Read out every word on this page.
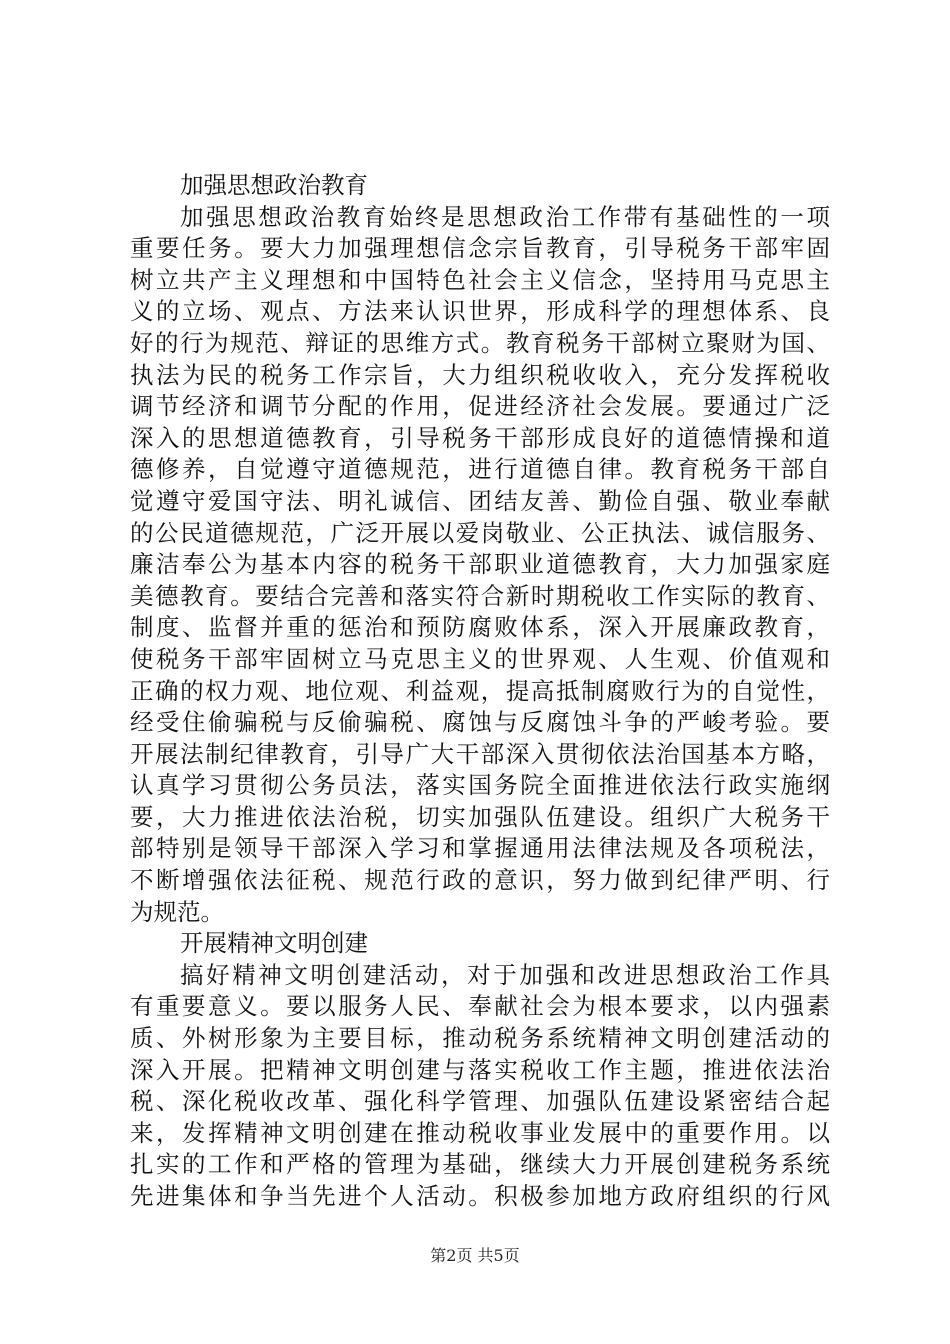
加强思想政治教育
加强思想政治教育始终是思想政治工作带有基础性的一项
重要任务。要大力加强理想信念宗旨教育，引导税务干部牢固
树立共产主义理想和中国特色社会主义信念，坚持用马克思主
义的立场、观点、方法来认识世界，形成科学的理想体系、良
好的行为规范、辩证的思维方式。教育税务干部树立聚财为国、
执法为民的税务工作宗旨，大力组织税收收入，充分发挥税收
调节经济和调节分配的作用，促进经济社会发展。要通过广泛
深入的思想道德教育，引导税务干部形成良好的道德情操和道
德修养，自觉遵守道德规范，进行道德自律。教育税务干部自
觉遵守爱国守法、明礼诚信、团结友善、勤俭自强、敬业奉献
的公民道德规范，广泛开展以爱岗敬业、公正执法、诚信服务、
廉洁奉公为基本内容的税务干部职业道德教育，大力加强家庭
美德教育。要结合完善和落实符合新时期税收工作实际的教育、
制度、监督并重的惩治和预防腐败体系，深入开展廉政教育，
使税务干部牢固树立马克思主义的世界观、人生观、价值观和
正确的权力观、地位观、利益观，提高抵制腐败行为的自觉性，
经受住偷骗税与反偷骗税、腐蚀与反腐蚀斗争的严峻考验。要
开展法制纪律教育，引导广大干部深入贯彻依法治国基本方略，
认真学习贯彻公务员法，落实国务院全面推进依法行政实施纲
要，大力推进依法治税，切实加强队伍建设。组织广大税务干
部特别是领导干部深入学习和掌握通用法律法规及各项税法，
不断增强依法征税、规范行政的意识，努力做到纪律严明、行
为规范。
开展精神文明创建
搞好精神文明创建活动，对于加强和改进思想政治工作具
有重要意义。要以服务人民、奉献社会为根本要求，以内强素
质、外树形象为主要目标，推动税务系统精神文明创建活动的
深入开展。把精神文明创建与落实税收工作主题，推进依法治
税、深化税收改革、强化科学管理、加强队伍建设紧密结合起
来，发挥精神文明创建在推动税收事业发展中的重要作用。以
扎实的工作和严格的管理为基础，继续大力开展创建税务系统
先进集体和争当先进个人活动。积极参加地方政府组织的行风
第2页 共5页
